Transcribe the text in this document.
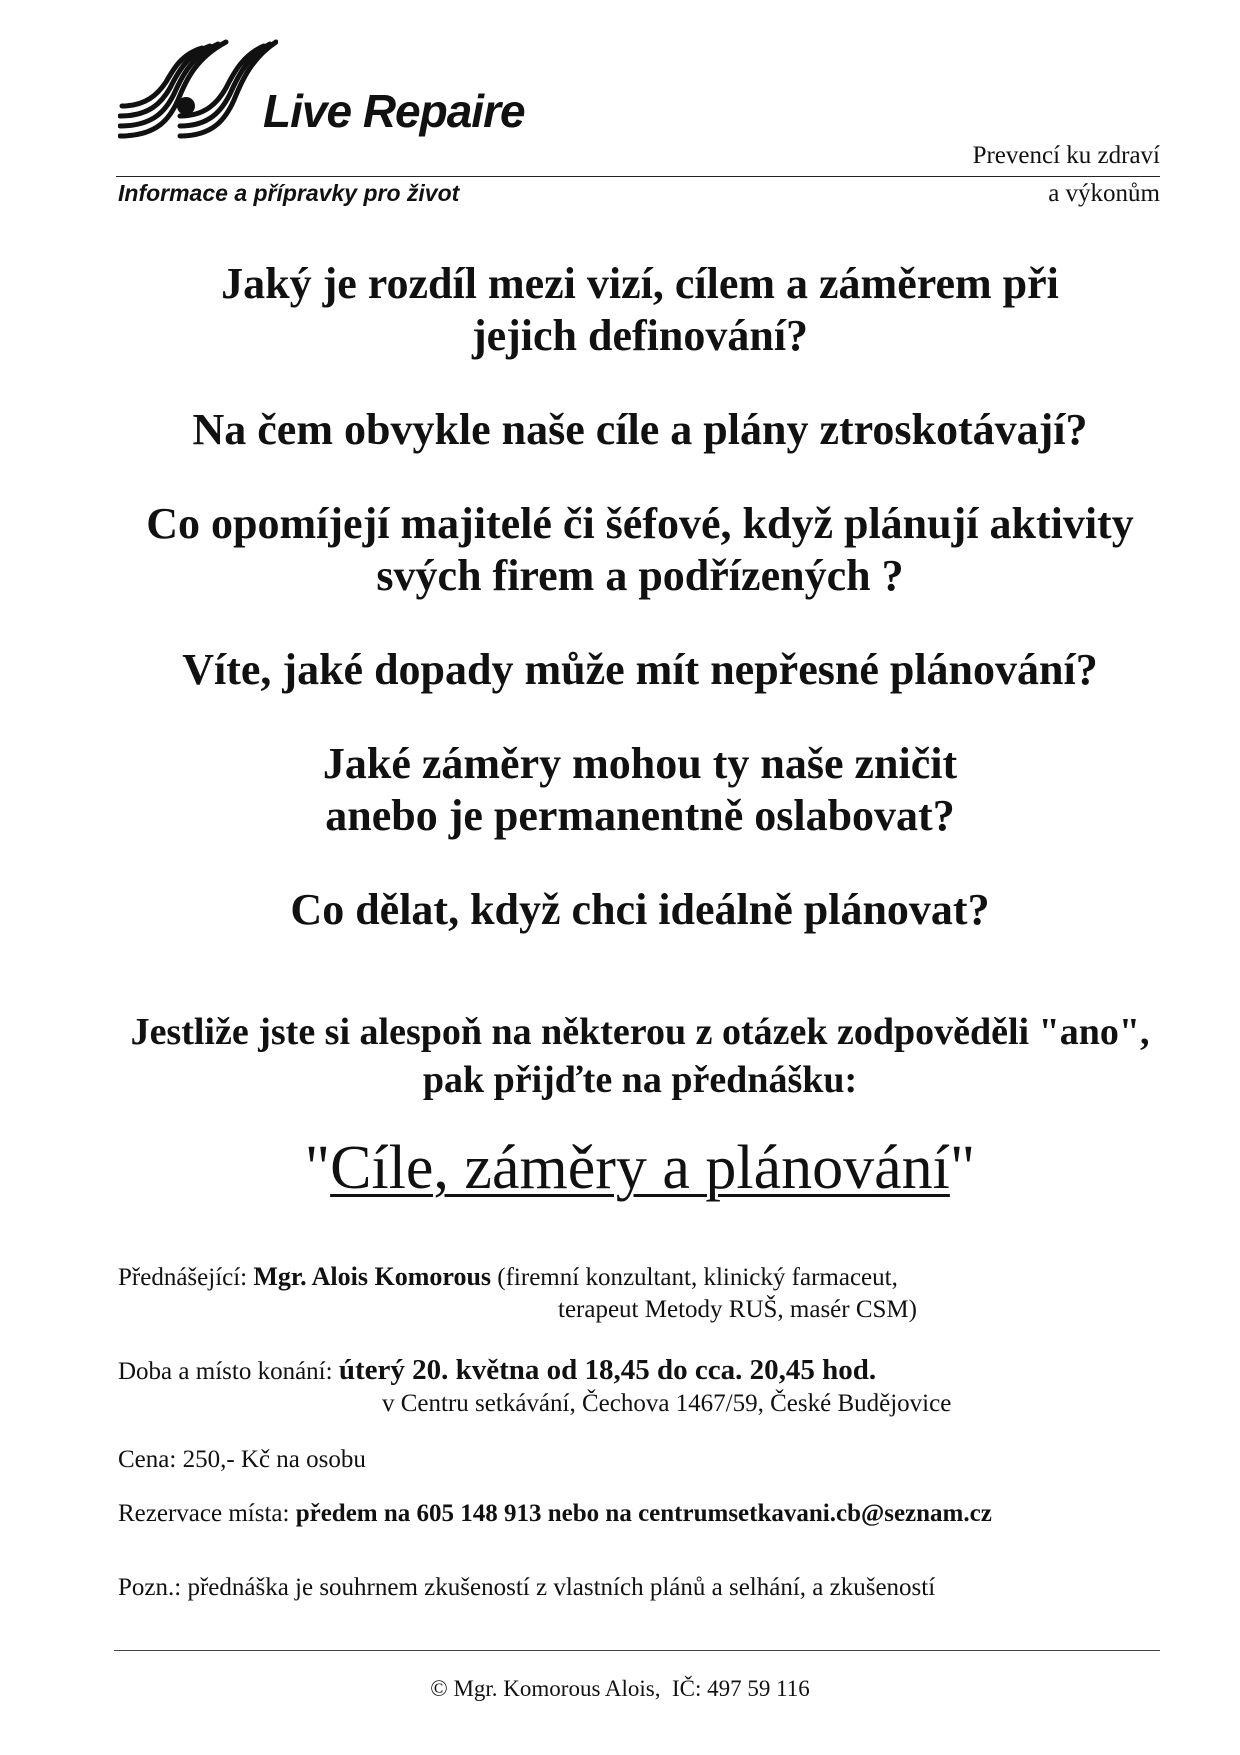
Live Repaire
Prevencí ku zdraví
Informace a přípravky pro život	a výkonům
Jaký je rozdíl mezi vizí, cílem a záměrem při jejich definování?
Na čem obvykle naše cíle a plány ztroskotávají?
Co opomíjejí majitelé či šéfové, když plánují aktivity svých firem a podřízených ?
Víte, jaké dopady může mít nepřesné plánování?
Jaké záměry mohou ty naše zničit anebo je permanentně oslabovat?
Co dělat, když chci ideálně plánovat?
Jestliže jste si alespoň na některou z otázek zodpověděli "ano", pak přijďte na přednášku:
"Cíle, záměry a plánování"
Přednášející: Mgr. Alois Komorous (firemní konzultant, klinický farmaceut,
terapeut Metody RUŠ, masér CSM)
Doba a místo konání: úterý 20. května od 18,45 do cca. 20,45 hod.
v Centru setkávání, Čechova 1467/59, České Budějovice
Cena: 250,- Kč na osobu
Rezervace místa: předem na 605 148 913 nebo na centrumsetkavani.cb@seznam.cz
Pozn.: přednáška je souhrnem zkušeností z vlastních plánů a selhání, a zkušeností
© Mgr. Komorous Alois,  IČ: 497 59 116
